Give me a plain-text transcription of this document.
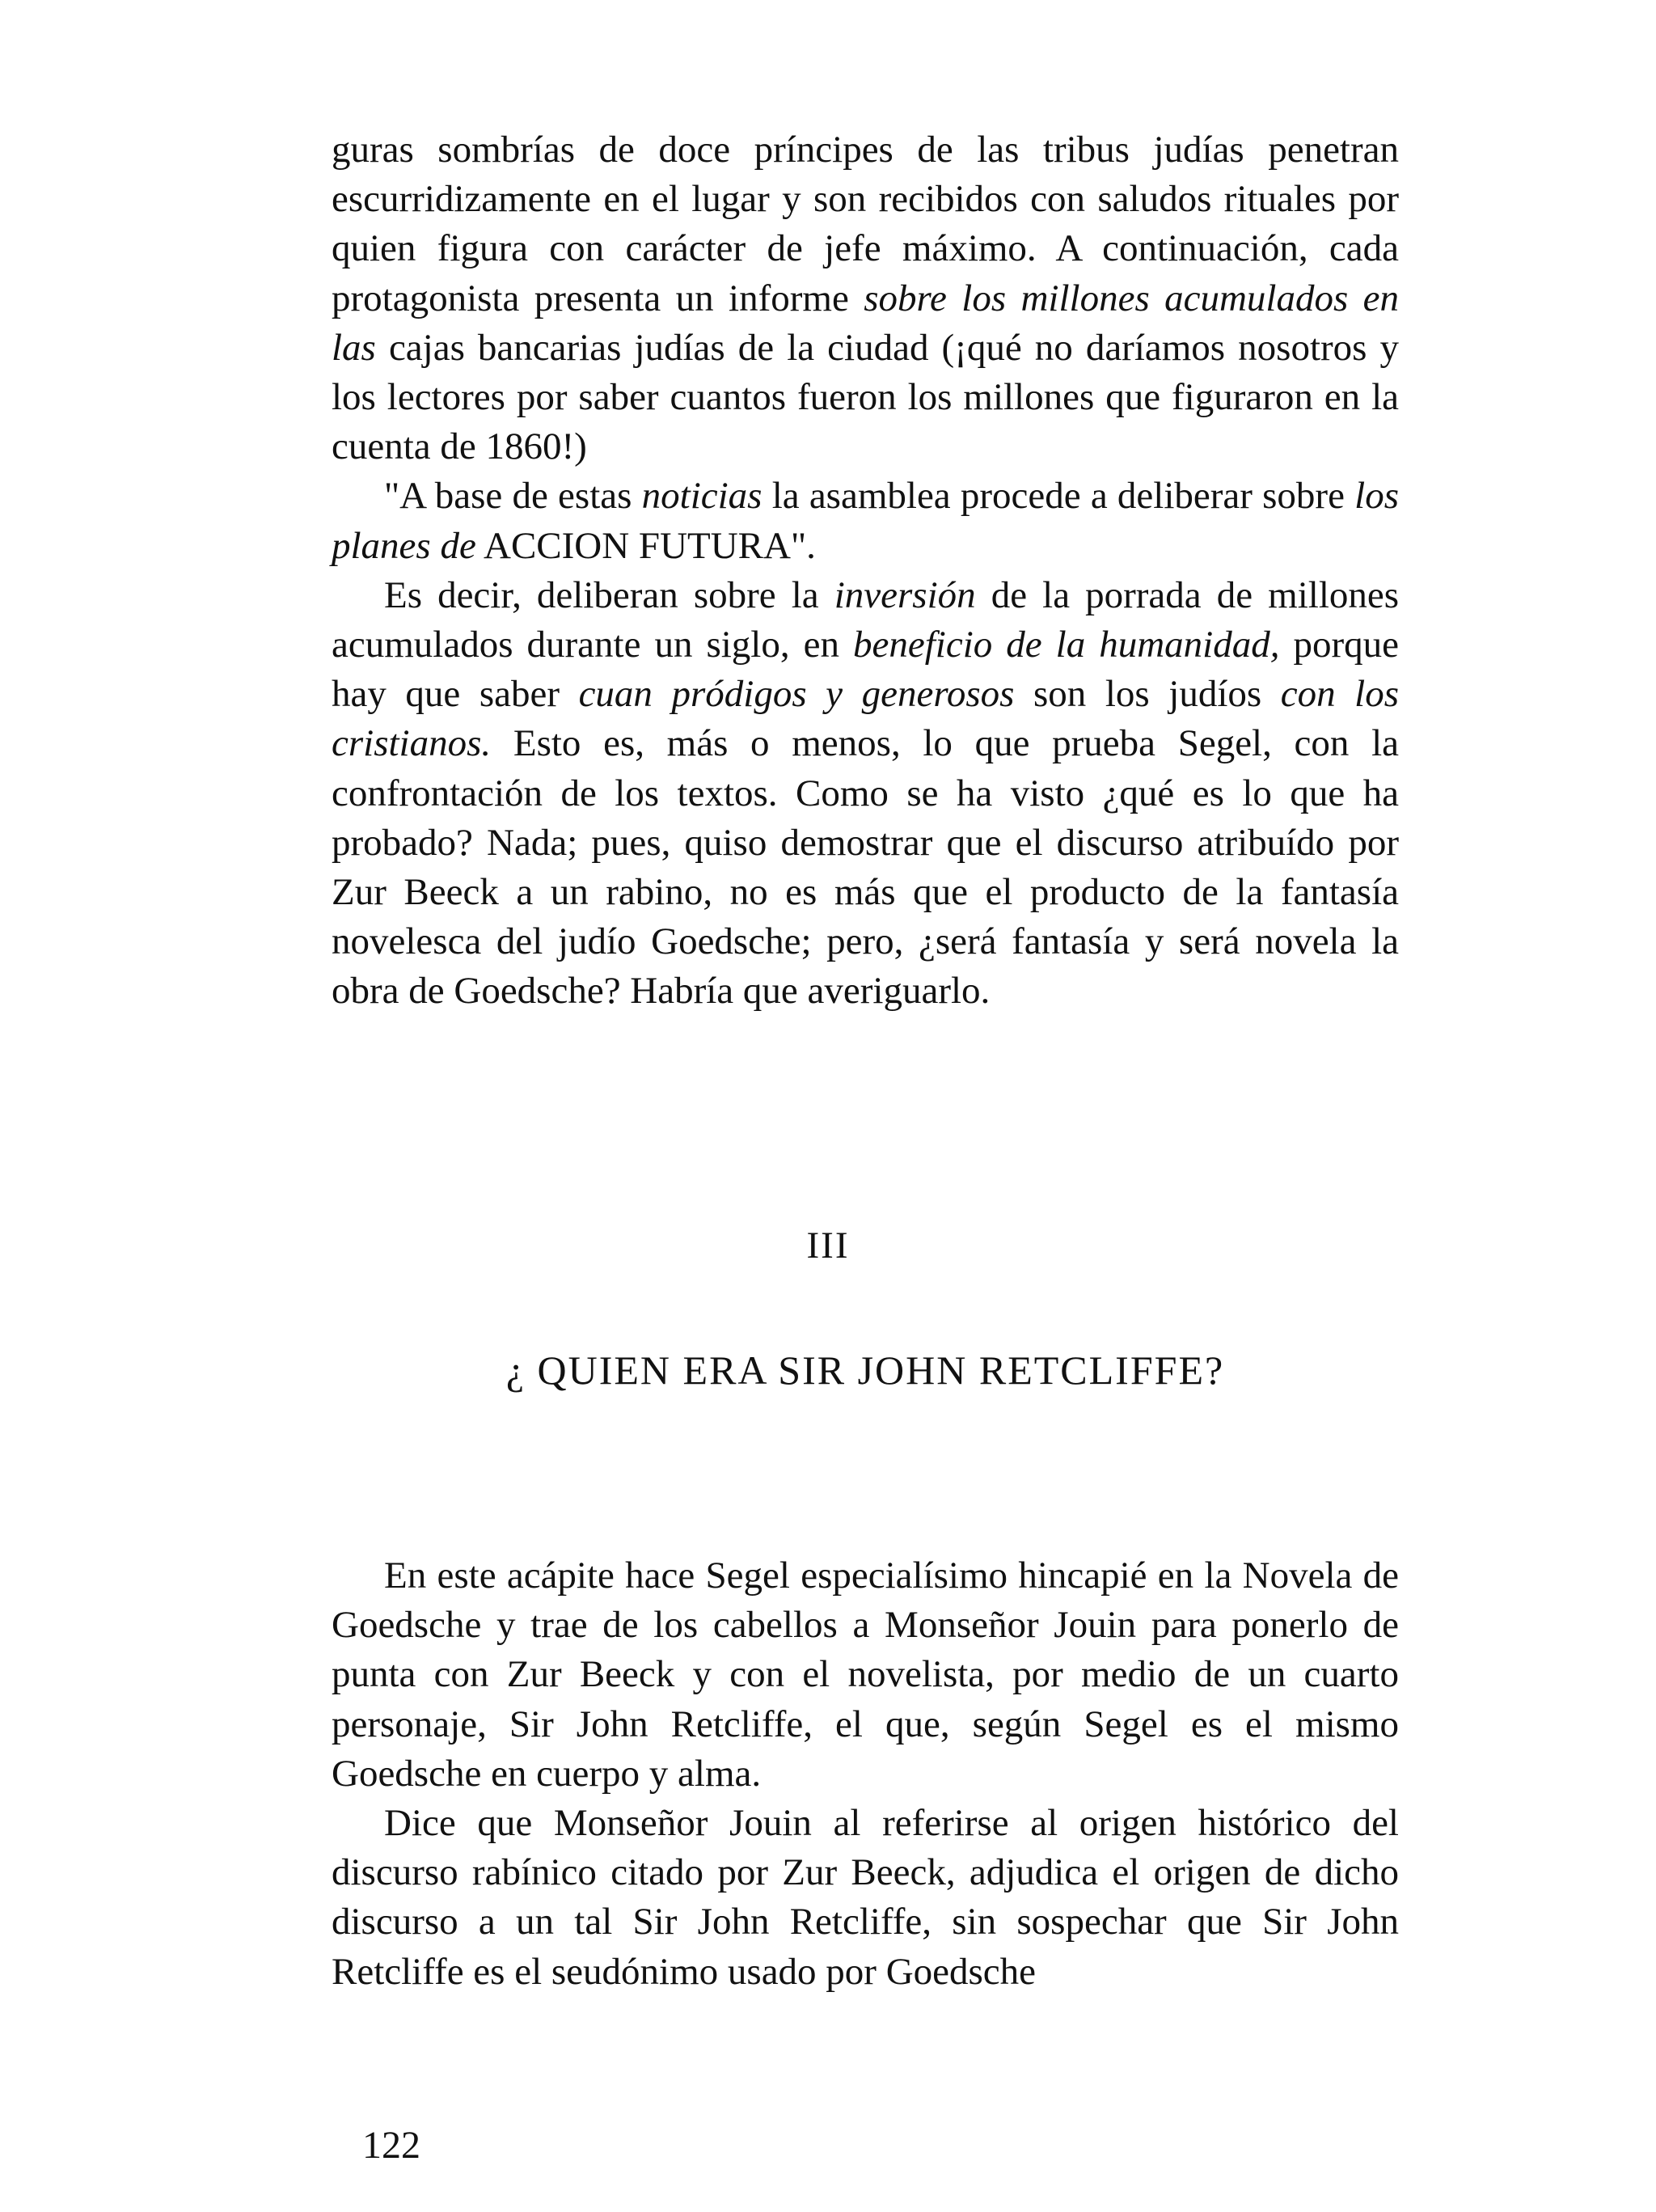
guras sombrías de doce príncipes de las tribus judías penetran escurridizamente en el lugar y son recibidos con saludos rituales por quien figura con carácter de jefe máximo. A continuación, cada protagonista presenta un informe sobre los millones acumulados en las cajas bancarias judías de la ciudad (¡qué no daríamos nosotros y los lectores por saber cuantos fueron los millones que figuraron en la cuenta de 1860!)

"A base de estas noticias la asamblea procede a deliberar sobre los planes de ACCION FUTURA".

Es decir, deliberan sobre la inversión de la porrada de millones acumulados durante un siglo, en beneficio de la humanidad, porque hay que saber cuan pródigos y generosos son los judíos con los cristianos. Esto es, más o menos, lo que prueba Segel, con la confrontación de los textos. Como se ha visto ¿qué es lo que ha probado? Nada; pues, quiso demostrar que el discurso atribuído por Zur Beeck a un rabino, no es más que el producto de la fantasía novelesca del judío Goedsche; pero, ¿será fantasía y será novela la obra de Goedsche? Habría que averiguarlo.

III
¿ QUIEN ERA SIR JOHN RETCLIFFE?

En este acápite hace Segel especialísimo hincapié en la Novela de Goedsche y trae de los cabellos a Monseñor Jouin para ponerlo de punta con Zur Beeck y con el novelista, por medio de un cuarto personaje, Sir John Retcliffe, el que, según Segel es el mismo Goedsche en cuerpo y alma.

Dice que Monseñor Jouin al referirse al origen histórico del discurso rabínico citado por Zur Beeck, adjudica el origen de dicho discurso a un tal Sir John Retcliffe, sin sospechar que Sir John Retcliffe es el seudónimo usado por Goedsche

122
